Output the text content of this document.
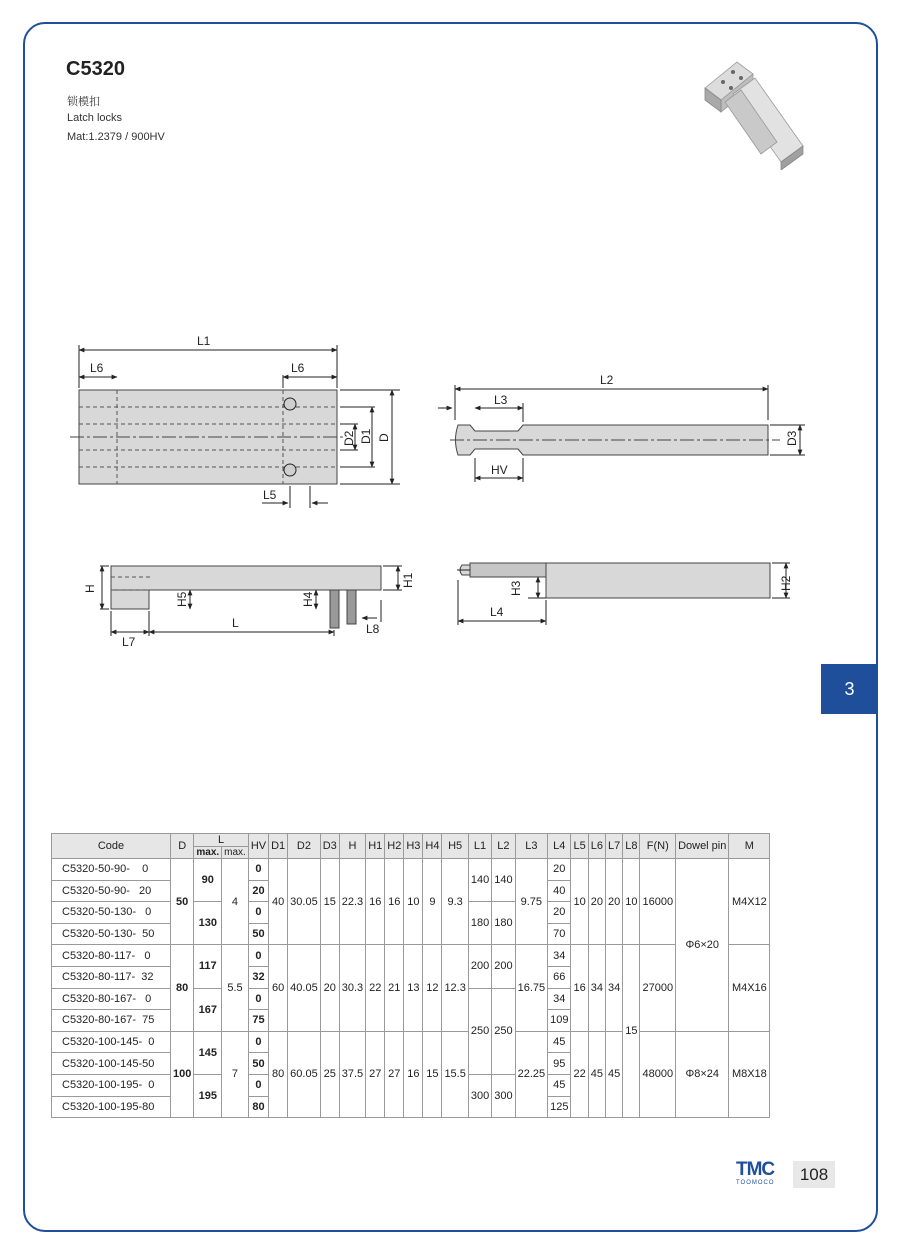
C5320
锁模扣
Latch locks
Mat:1.2379 / 900HV
L1
L6	L6
D2 D1 D
L5
L2
L3
HV
D3
H
H5	H4
H1
L7
L	L8
H3
L4
H2
3
Code	D	L		HV	D1	D2	D3	H	H1	H2	H3	H4	H5	L1	L2	L3	L4	L5	L6	L7	L8	F(N)	Dowel pin	M
		max.	max.																					
C5320-50-90-    0	50	90	4	0	40	30.05	15	22.3	16	16	10	9	9.3	140	140	9.75	20	10	20	20	10	16000	Φ6×20	M4X12
C5320-50-90-   20				20													40							
C5320-50-130-   0		130		0										180	180		20							
C5320-50-130-  50				50													70							
C5320-80-117-   0	80	117	5.5	0	60	40.05	20	30.3	22	21	13	12	12.3	200	200	16.75	34	16	34	34	15	27000		M4X16
C5320-80-117-  32				32													66							
C5320-80-167-   0		167		0										250	250		34							
C5320-80-167-  75				75													109							
C5320-100-145-  0	100	145	7	0	80	60.05	25	37.5	27	27	16	15	15.5			22.25	45	22	45	45		48000	Φ8×24	M8X18
C5320-100-145-50				50													95							
C5320-100-195-  0		195		0										300	300		45							
C5320-100-195-80				80													125							
TMC
TOOMOCO	108
